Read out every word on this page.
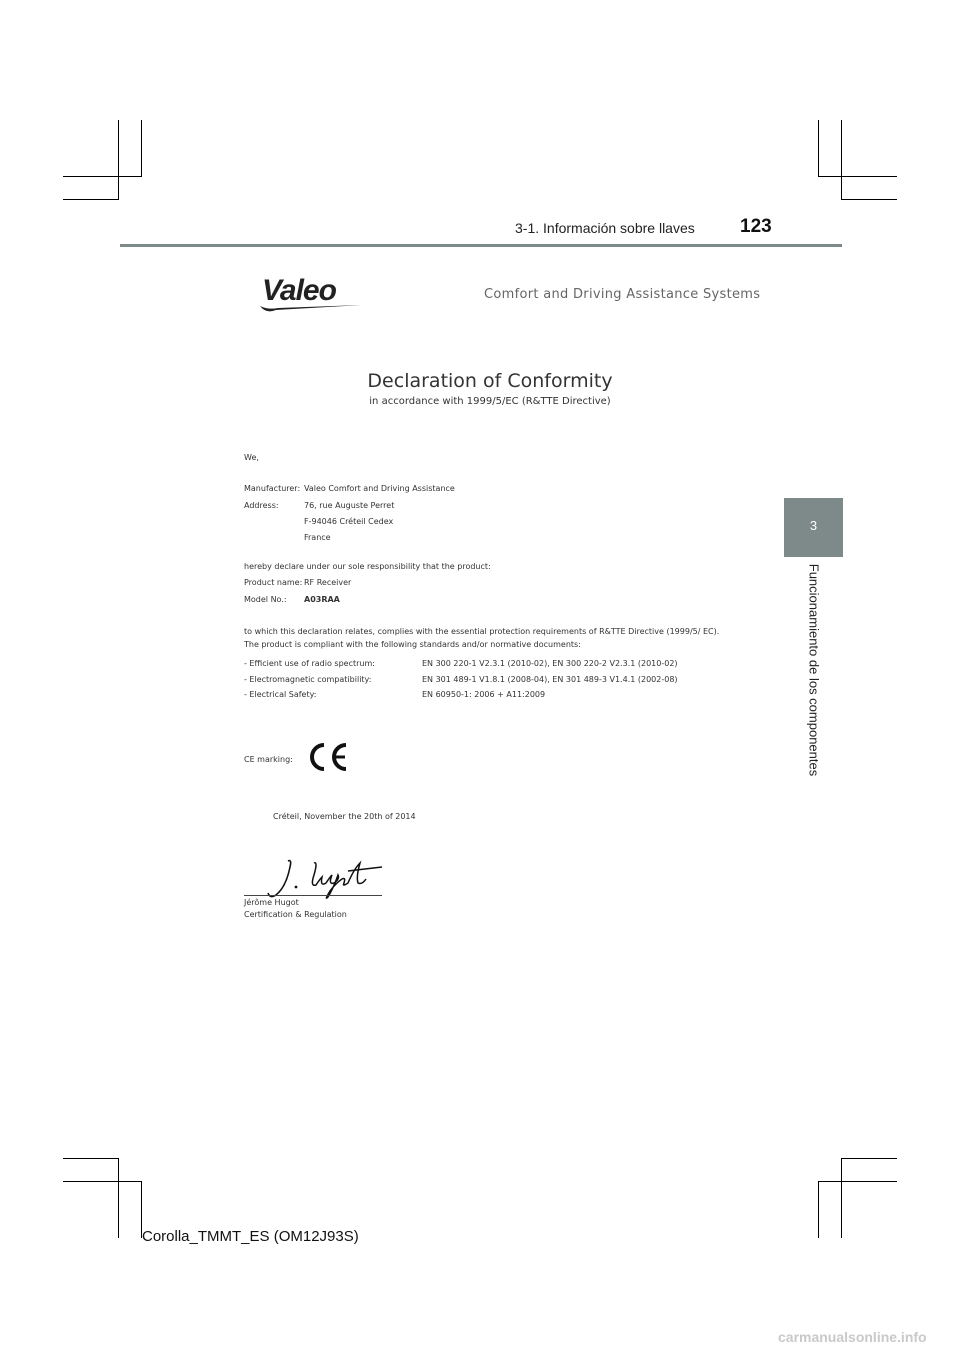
3-1. Información sobre llaves 123
3
Funcionamiento de los componentes
Valeo	Comfort and Driving Assistance Systems
Declaration of Conformity
in accordance with 1999/5/EC (R&TTE Directive)
We,
Manufacturer: Valeo Comfort and Driving Assistance
Address:	76, rue Auguste Perret
F-94046 Créteil Cedex
France
hereby declare under our sole responsibility that the product:
Product name: RF Receiver
Model No.: A03RAA
to which this declaration relates, complies with the essential protection requirements of R&TTE Directive (1999/5/ EC).
The product is compliant with the following standards and/or normative documents:
- Efficient use of radio spectrum:	EN 300 220-1 V2.3.1 (2010-02), EN 300 220-2 V2.3.1 (2010-02)
- Electromagnetic compatibility:	EN 301 489-1 V1.8.1 (2008-04), EN 301 489-3 V1.4.1 (2002-08)
- Electrical Safety:	EN 60950-1: 2006 + A11:2009
CE marking:
Créteil, November the 20th of 2014
Jérôme Hugot
Certification & Regulation
Corolla_TMMT_ES (OM12J93S)
carmanualsonline.info
